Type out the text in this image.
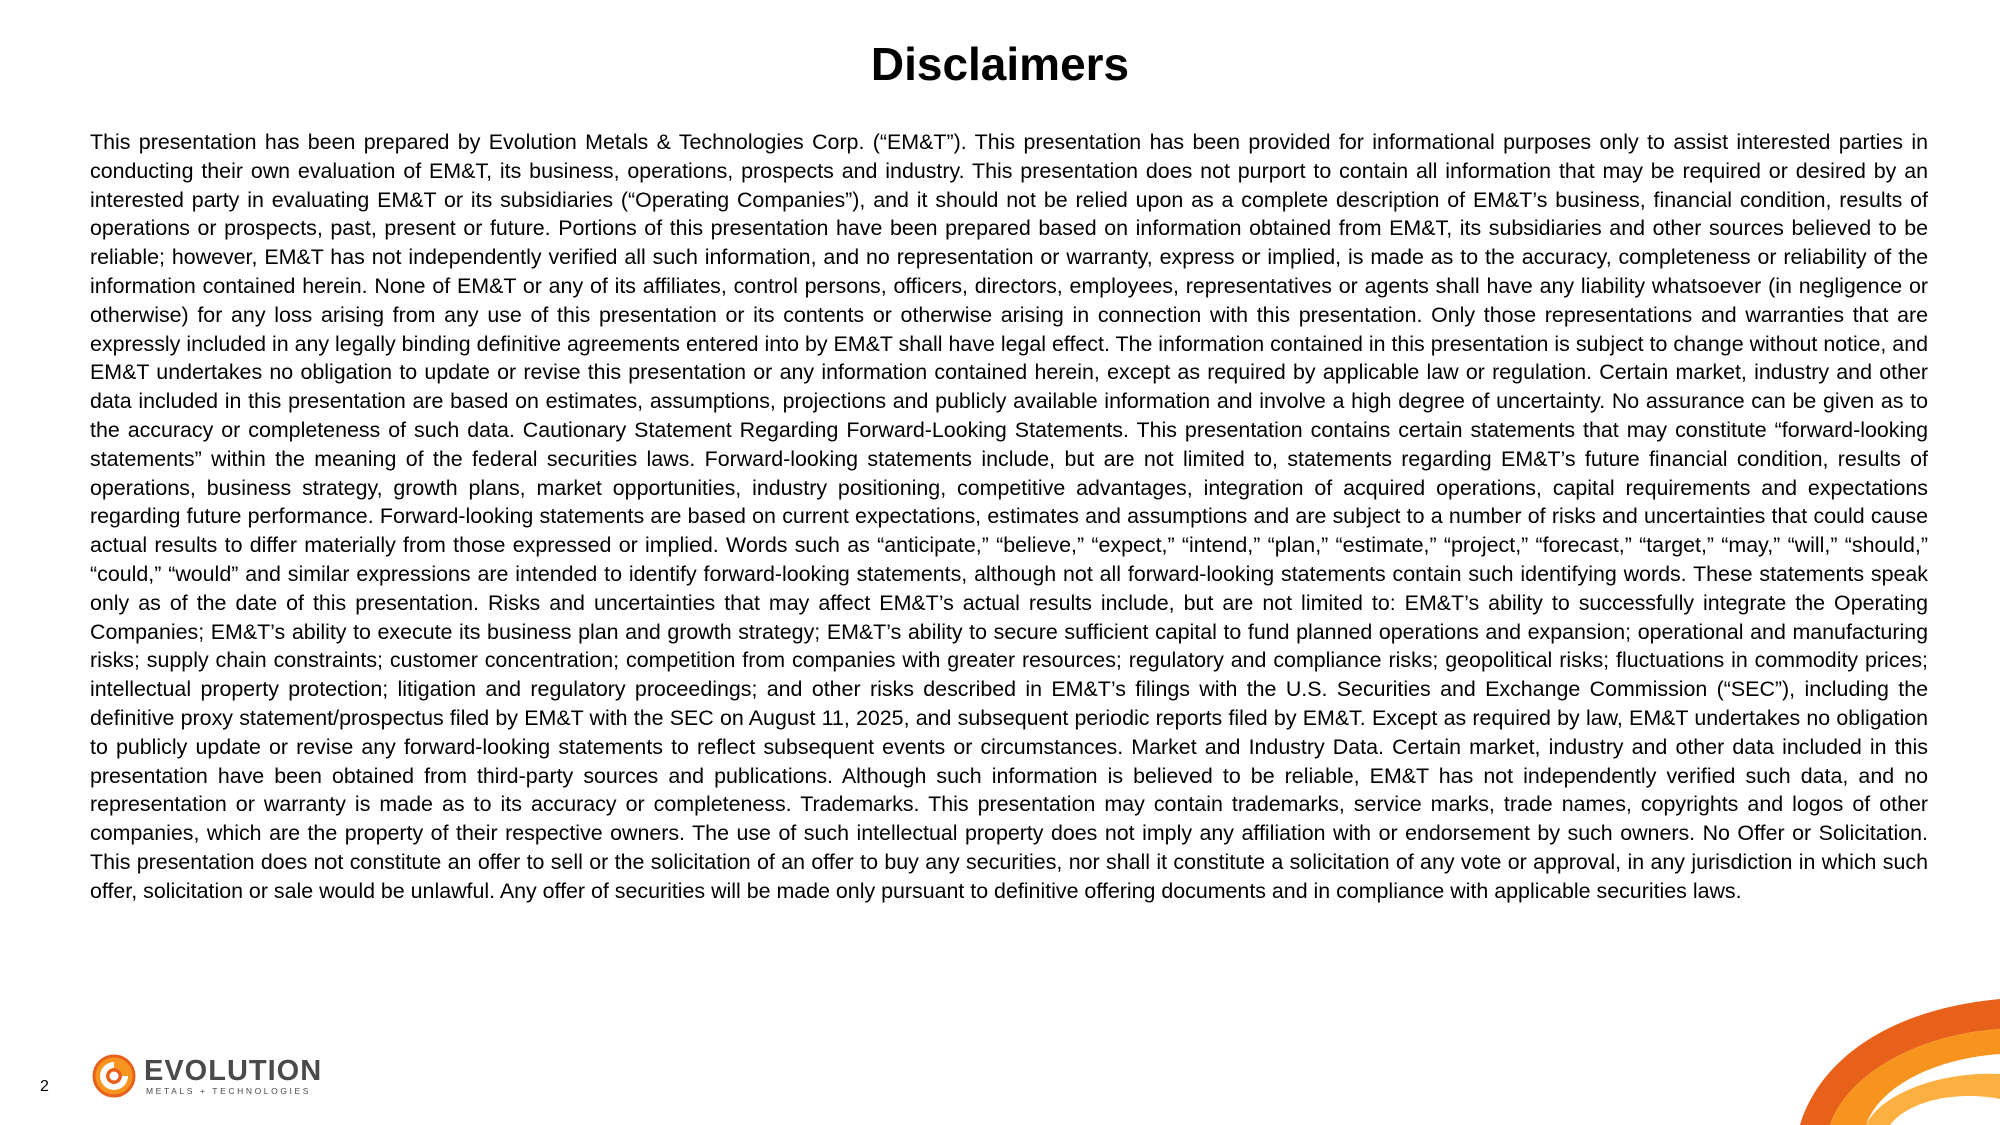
Disclaimers
This presentation has been prepared by Evolution Metals & Technologies Corp. (“EM&T”). This presentation has been provided for informational purposes only to assist interested parties in conducting their own evaluation of EM&T, its business, operations, prospects and industry. This presentation does not purport to contain all information that may be required or desired by an interested party in evaluating EM&T or its subsidiaries (“Operating Companies”), and it should not be relied upon as a complete description of EM&T’s business, financial condition, results of operations or prospects, past, present or future. Portions of this presentation have been prepared based on information obtained from EM&T, its subsidiaries and other sources believed to be reliable; however, EM&T has not independently verified all such information, and no representation or warranty, express or implied, is made as to the accuracy, completeness or reliability of the information contained herein. None of EM&T or any of its affiliates, control persons, officers, directors, employees, representatives or agents shall have any liability whatsoever (in negligence or otherwise) for any loss arising from any use of this presentation or its contents or otherwise arising in connection with this presentation. Only those representations and warranties that are expressly included in any legally binding definitive agreements entered into by EM&T shall have legal effect. The information contained in this presentation is subject to change without notice, and EM&T undertakes no obligation to update or revise this presentation or any information contained herein, except as required by applicable law or regulation. Certain market, industry and other data included in this presentation are based on estimates, assumptions, projections and publicly available information and involve a high degree of uncertainty. No assurance can be given as to the accuracy or completeness of such data. Cautionary Statement Regarding Forward-Looking Statements. This presentation contains certain statements that may constitute “forward-looking statements” within the meaning of the federal securities laws. Forward-looking statements include, but are not limited to, statements regarding EM&T’s future financial condition, results of operations, business strategy, growth plans, market opportunities, industry positioning, competitive advantages, integration of acquired operations, capital requirements and expectations regarding future performance. Forward-looking statements are based on current expectations, estimates and assumptions and are subject to a number of risks and uncertainties that could cause actual results to differ materially from those expressed or implied. Words such as “anticipate,” “believe,” “expect,” “intend,” “plan,” “estimate,” “project,” “forecast,” “target,” “may,” “will,” “should,” “could,” “would” and similar expressions are intended to identify forward-looking statements, although not all forward-looking statements contain such identifying words. These statements speak only as of the date of this presentation. Risks and uncertainties that may affect EM&T’s actual results include, but are not limited to: EM&T’s ability to successfully integrate the Operating Companies; EM&T’s ability to execute its business plan and growth strategy; EM&T’s ability to secure sufficient capital to fund planned operations and expansion; operational and manufacturing risks; supply chain constraints; customer concentration; competition from companies with greater resources; regulatory and compliance risks; geopolitical risks; fluctuations in commodity prices; intellectual property protection; litigation and regulatory proceedings; and other risks described in EM&T’s filings with the U.S. Securities and Exchange Commission (“SEC”), including the definitive proxy statement/prospectus filed by EM&T with the SEC on August 11, 2025, and subsequent periodic reports filed by EM&T. Except as required by law, EM&T undertakes no obligation to publicly update or revise any forward-looking statements to reflect subsequent events or circumstances. Market and Industry Data. Certain market, industry and other data included in this presentation have been obtained from third-party sources and publications. Although such information is believed to be reliable, EM&T has not independently verified such data, and no representation or warranty is made as to its accuracy or completeness. Trademarks. This presentation may contain trademarks, service marks, trade names, copyrights and logos of other companies, which are the property of their respective owners. The use of such intellectual property does not imply any affiliation with or endorsement by such owners. No Offer or Solicitation. This presentation does not constitute an offer to sell or the solicitation of an offer to buy any securities, nor shall it constitute a solicitation of any vote or approval, in any jurisdiction in which such offer, solicitation or sale would be unlawful. Any offer of securities will be made only pursuant to definitive offering documents and in compliance with applicable securities laws.
2	EVOLUTION
METALS + TECHNOLOGIES
